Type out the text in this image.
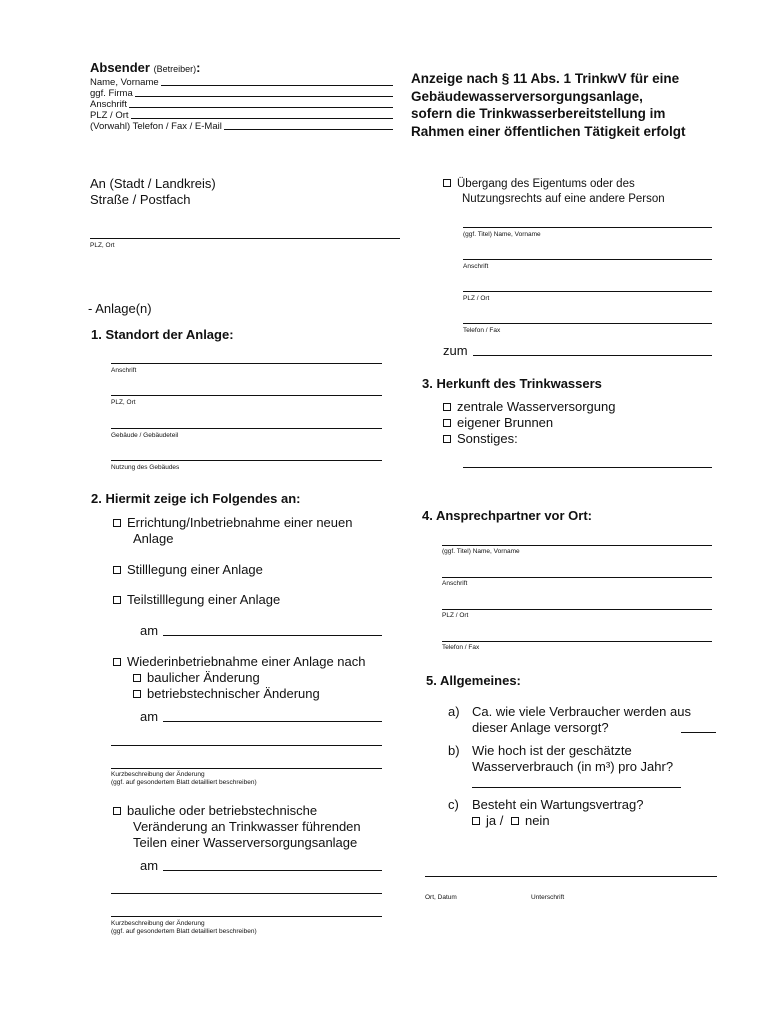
Absender (Betreiber):
Name, Vorname
ggf. Firma
Anschrift
PLZ / Ort
(Vorwahl) Telefon / Fax / E-Mail
Anzeige nach § 11 Abs. 1 TrinkwV für eine
Gebäudewasserversorgungsanlage,
sofern die Trinkwasserbereitstellung im
Rahmen einer öffentlichen Tätigkeit erfolgt
An (Stadt / Landkreis)
Straße / Postfach
PLZ, Ort
- Anlage(n)
1. Standort der Anlage:
Anschrift
PLZ, Ort
Gebäude / Gebäudeteil
Nutzung des Gebäudes
2. Hiermit zeige ich Folgendes an:
Errichtung/Inbetriebnahme einer neuen
Anlage
Stilllegung einer Anlage
Teilstilllegung einer Anlage
am
Wiederinbetriebnahme einer Anlage nach
baulicher Änderung
betriebstechnischer Änderung
am
Kurzbeschreibung der Änderung
(ggf. auf gesondertem Blatt detailliert beschreiben)
bauliche oder betriebstechnische
Veränderung an Trinkwasser führenden
Teilen einer Wasserversorgungsanlage
am
Kurzbeschreibung der Änderung
(ggf. auf gesondertem Blatt detailliert beschreiben)
Übergang des Eigentums oder des
Nutzungsrechts auf eine andere Person
(ggf. Titel) Name, Vorname
Anschrift
PLZ / Ort
Telefon / Fax
zum
3. Herkunft des Trinkwassers
zentrale Wasserversorgung
eigener Brunnen
Sonstiges:
4. Ansprechpartner vor Ort:
(ggf. Titel) Name, Vorname
Anschrift
PLZ / Ort
Telefon / Fax
5. Allgemeines:
a) Ca. wie viele Verbraucher werden aus
dieser Anlage versorgt?
b) Wie hoch ist der geschätzte
Wasserverbrauch (in m³) pro Jahr?
c) Besteht ein Wartungsvertrag?
ja / nein
Ort, Datum	Unterschrift
